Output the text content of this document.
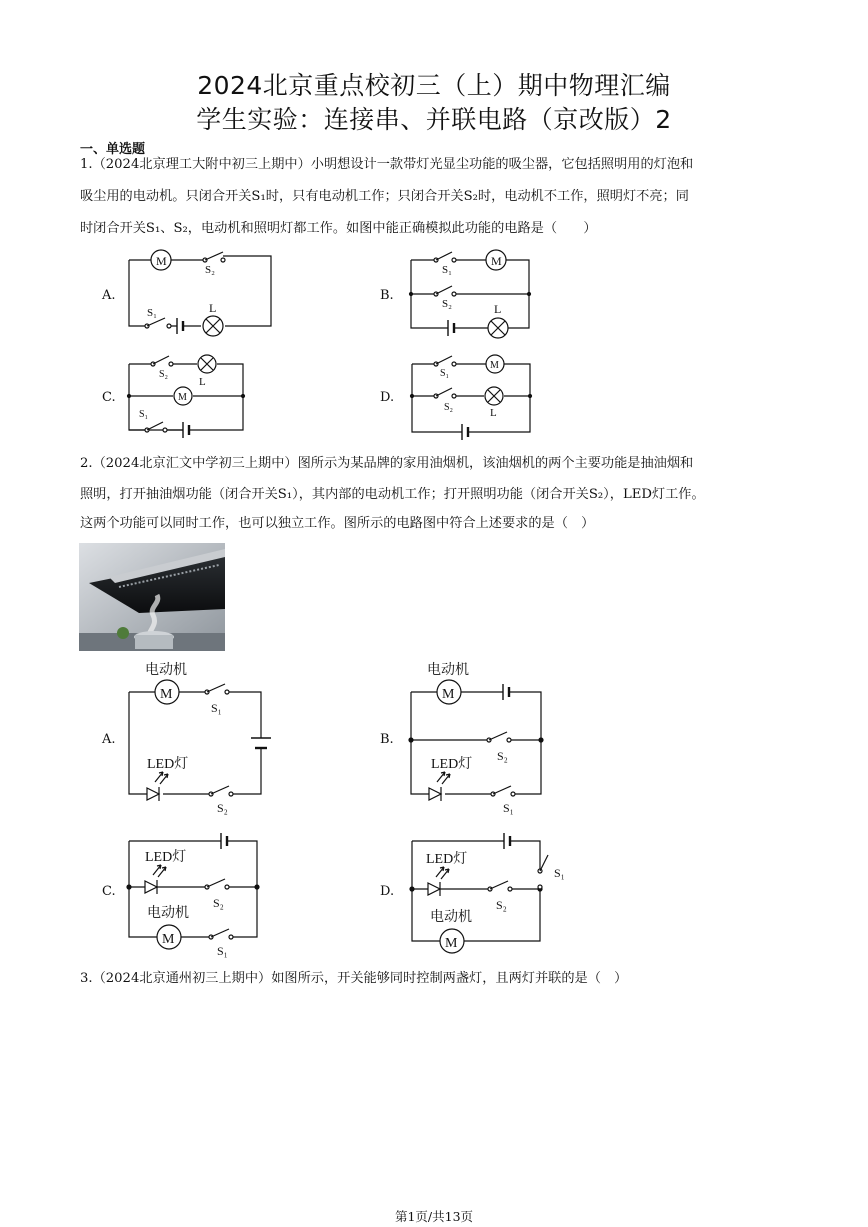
2024北京重点校初三（上）期中物理汇编
学生实验：连接串、并联电路（京改版）2
一、单选题
1.（2024北京理工大附中初三上期中）小明想设计一款带灯光显尘功能的吸尘器，它包括照明用的灯泡和
吸尘用的电动机。只闭合开关S₁时，只有电动机工作；只闭合开关S₂时，电动机不工作，照明灯不亮；同
时闭合开关S₁、S₂，电动机和照明灯都工作。如图中能正确模拟此功能的电路是（　　）
A.	B.
C.	D.
M
S₂
S₁	L
M
S₁
S₂	L
S₂
L
M
S₁
M
S₁
S₂	L
2.（2024北京汇文中学初三上期中）图所示为某品牌的家用油烟机，该油烟机的两个主要功能是抽油烟和
照明，打开抽油烟功能（闭合开关S₁），其内部的电动机工作；打开照明功能（闭合开关S₂），LED灯工作。
这两个功能可以同时工作，也可以独立工作。图所示的电路图中符合上述要求的是（　）
A.	B.
C.	D.
电动机
M
S₁
LED灯
S₂
电动机
M
S₂
LED灯
S₁
LED灯
S₂
电动机
M
S₁
LED灯
S₁
S₂
电动机
M
3.（2024北京通州初三上期中）如图所示，开关能够同时控制两盏灯，且两灯并联的是（　）
第1页/共13页
